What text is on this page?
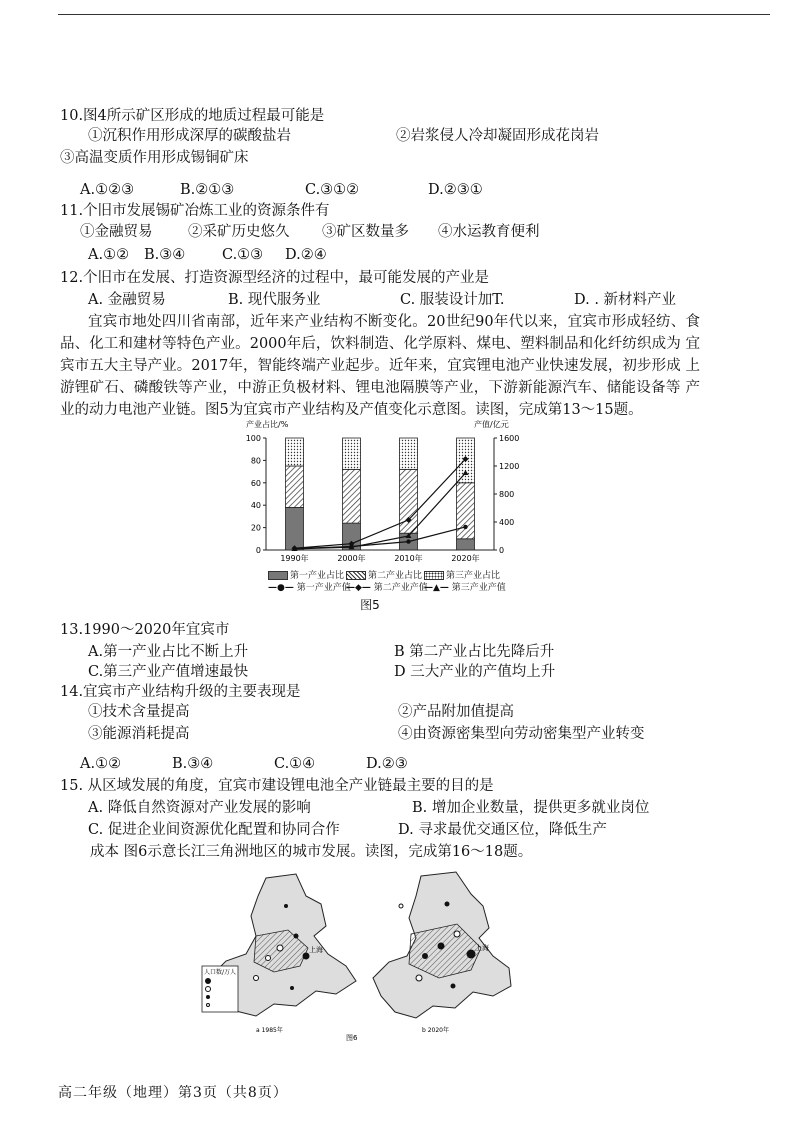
10.图4所示矿区形成的地质过程最可能是
①沉积作用形成深厚的碳酸盐岩	②岩浆侵人冷却凝固形成花岗岩
③高温变质作用形成锡铜矿床
A.①②③	B.②①③	C.③①②	D.②③①
11.个旧市发展锡矿冶炼工业的资源条件有
①金融贸易 ②采矿历史悠久 ③矿区数量多 ④水运教育便利
A.①② B.③④	C.①③ D.②④
12.个旧市在发展、打造资源型经济的过程中，最可能发展的产业是
A. 金融贸易	B. 现代服务业	C. 服装设计加T.	D. . 新材料产业
宜宾市地处四川省南部，近年来产业结构不断变化。20世纪90年代以来，宜宾市形成轻纺、食品、化工和建材等特色产业。2000年后，饮料制造、化学原料、煤电、塑料制品和化纤纺织成为 宜宾市五大主导产业。2017年，智能终端产业起步。近年来，宜宾锂电池产业快速发展，初步形成 上游锂矿石、磷酸铁等产业，中游正负极材料、锂电池隔膜等产业，下游新能源汽车、储能设备等 产业的动力电池产业链。图5为宜宾市产业结构及产值变化示意图。读图，完成第13～15题。
0
20
40
60
80
100
0
400
800
1200
1600
产业占比/%	产值/亿元
1990年	2000年	2010年	2020年
第一产业占比	第二产业占比	第三产业占比
—●— 第一产业产值
—◆— 第二产业产值
—▲— 第三产业产值
图5
13.1990～2020年宜宾市
A.第一产业占比不断上升	B 第二产业占比先降后升
C.第三产业产值增速最快	D 三大产业的产值均上升
14.宜宾市产业结构升级的主要表现是
①技术含量提高	②产品附加值提高
③能源消耗提高	④由资源密集型向劳动密集型产业转变
A.①②	B.③④	C.①④	D.②③
15. 从区域发展的角度，宜宾市建设锂电池全产业链最主要的目的是
A. 降低自然资源对产业发展的影响	B. 增加企业数量，提供更多就业岗位
C. 促进企业间资源优化配置和协同合作	D. 寻求最优交通区位，降低生产
成本 图6示意长江三角洲地区的城市发展。读图，完成第16～18题。
上海
人口数/万人
上海
a 1985年	b 2020年
图6
高二年级（地理）第3页（共8页）
